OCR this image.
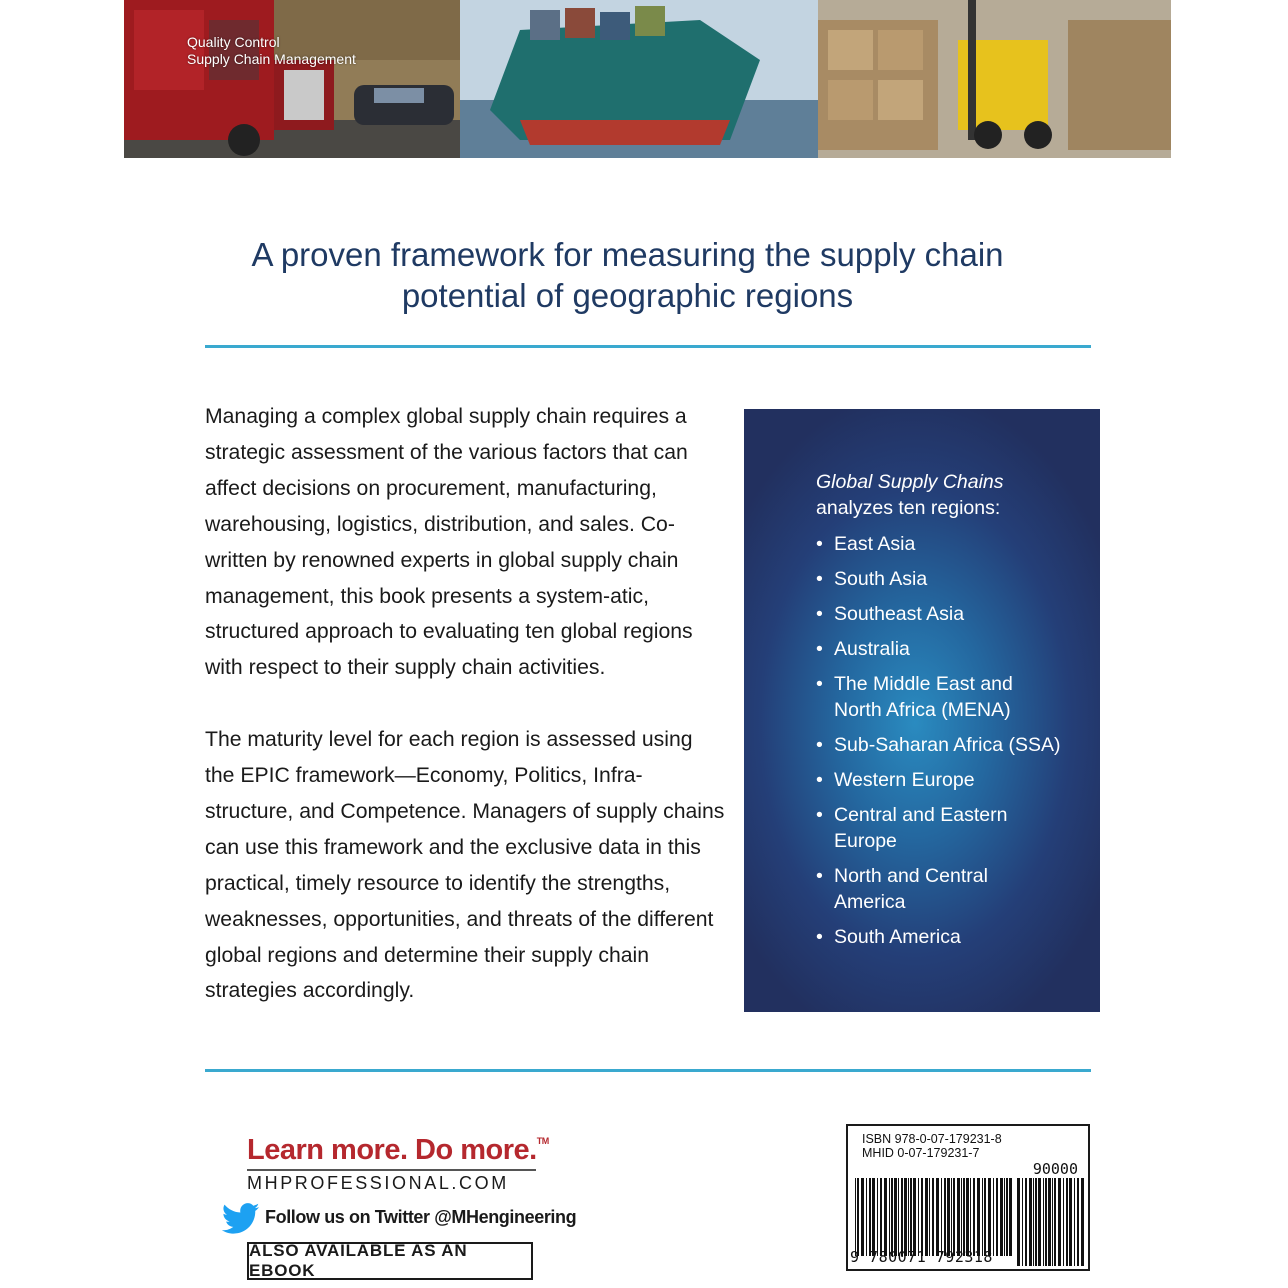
Quality Control
Supply Chain Management
A proven framework for measuring the supply chain
potential of geographic regions

Managing a complex global supply chain requires a strategic assessment of the various factors that can affect decisions on procurement, manufacturing, warehousing, logistics, distribution, and sales. Co-written by renowned experts in global supply chain management, this book presents a system-atic, structured approach to evaluating ten global regions with respect to their supply chain activities.

The maturity level for each region is assessed using the EPIC framework—Economy, Politics, Infra-structure, and Competence. Managers of supply chains can use this framework and the exclusive data in this practical, timely resource to identify the strengths, weaknesses, opportunities, and threats of the different global regions and determine their supply chain strategies accordingly.

Global Supply Chains
analyzes ten regions:
• East Asia
• South Asia
• Southeast Asia
• Australia
• The Middle East and
North Africa (MENA)
• Sub-Saharan Africa (SSA)
• Western Europe
• Central and Eastern
Europe
• North and Central
America
• South America
Learn more. Do more.™
MHPROFESSIONAL.COM
Follow us on Twitter @MHengineering
ALSO AVAILABLE AS AN EBOOK
ISBN 978-0-07-179231-8
MHID 0-07-179231-7
90000
9 780071 792318
